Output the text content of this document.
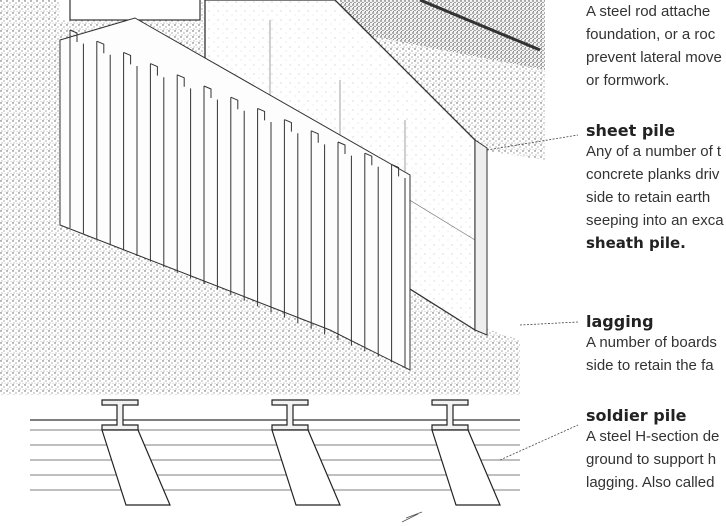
A steel rod attache
foundation, or a roc
prevent lateral move
or formwork.
sheet pile
Any of a number of t
concrete planks driv
side to retain earth
seeping into an exca
sheath pile.
lagging
A number of boards
side to retain the fa
soldier pile
A steel H-section de
ground to support h
lagging. Also called
